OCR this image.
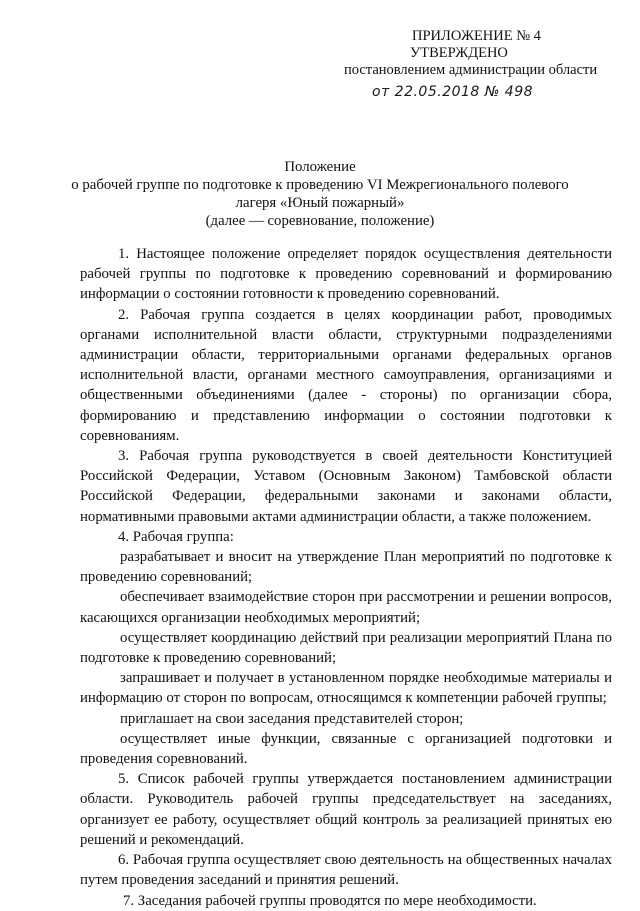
ПРИЛОЖЕНИЕ № 4
УТВЕРЖДЕНО
постановлением администрации области
от 22.05.2018 № 498
Положение
о рабочей группе по подготовке к проведению VI Межрегионального полевого
лагеря «Юный пожарный»
(далее — соревнование, положение)

1. Настоящее положение определяет порядок осуществления деятельности рабочей группы по подготовке к проведению соревнований и формированию информации о состоянии готовности к проведению соревнований.

2. Рабочая группа создается в целях координации работ, проводимых органами исполнительной власти области, структурными подразделениями администрации области, территориальными органами федеральных органов исполнительной власти, органами местного самоуправления, организациями и общественными объединениями (далее - стороны) по организации сбора, формированию и представлению информации о состоянии подготовки к соревнованиям.

3. Рабочая группа руководствуется в своей деятельности Конституцией Российской Федерации, Уставом (Основным Законом) Тамбовской области Российской Федерации, федеральными законами и законами области, нормативными правовыми актами администрации области, а также положением.

4. Рабочая группа:

разрабатывает и вносит на утверждение План мероприятий по подготовке к проведению соревнований;

обеспечивает взаимодействие сторон при рассмотрении и решении вопросов, касающихся организации необходимых мероприятий;

осуществляет координацию действий при реализации мероприятий Плана по подготовке к проведению соревнований;

запрашивает и получает в установленном порядке необходимые материалы и информацию от сторон по вопросам, относящимся к компетенции рабочей группы;

приглашает на свои заседания представителей сторон;

осуществляет иные функции, связанные с организацией подготовки и проведения соревнований.

5. Список рабочей группы утверждается постановлением администрации области. Руководитель рабочей группы председательствует на заседаниях, организует ее работу, осуществляет общий контроль за реализацией принятых ею решений и рекомендаций.

6. Рабочая группа осуществляет свою деятельность на общественных началах путем проведения заседаний и принятия решений.

7. Заседания рабочей группы проводятся по мере необходимости.
